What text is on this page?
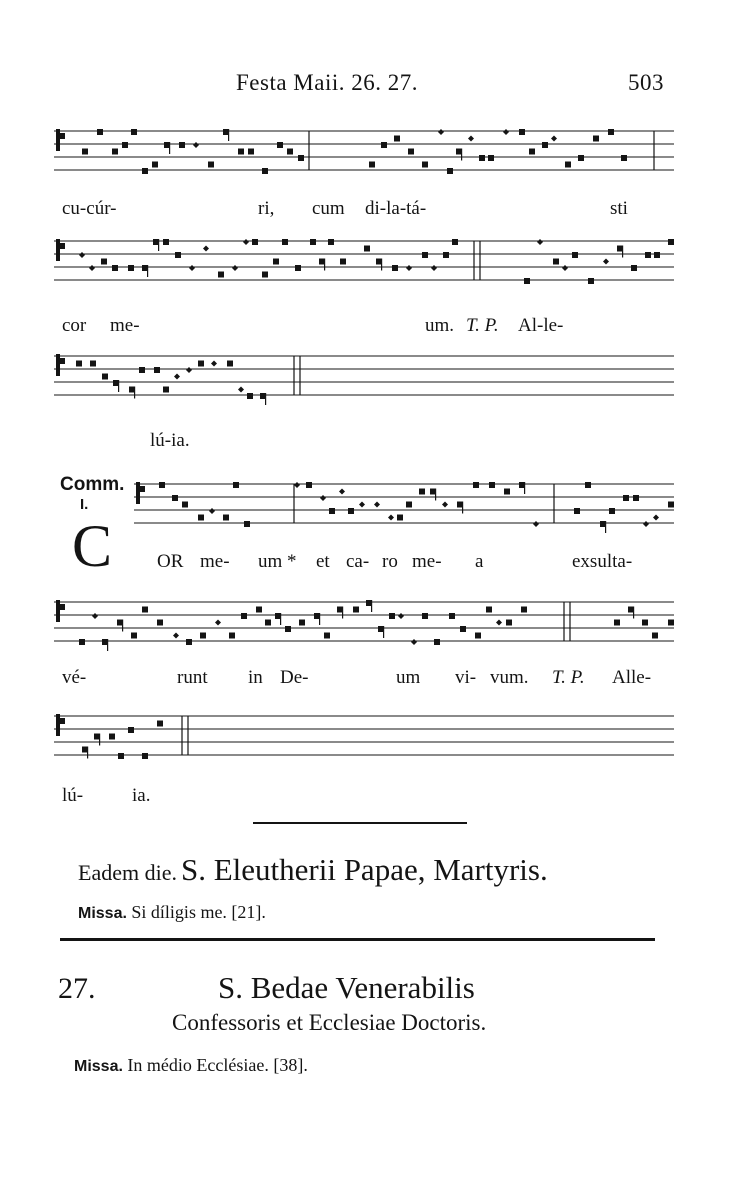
Festa Maii. 26. 27.	503
cu-cúr-	ri, cum di-la-tá-	sti
cor me-	um. T. P. Al-le-
lú-ia.
Comm.
I.
C OR me- um * et ca- ro me- a	exsulta-
vé-	runt in De-	um vi- vum. T. P. Alle-
lú-	ia.
Eadem die. S. Eleutherii Papae, Martyris.
Missa. Si díligis me. [21].
27.	S. Bedae Venerabilis
Confessoris et Ecclesiae Doctoris.
Missa. In médio Ecclésiae. [38].
